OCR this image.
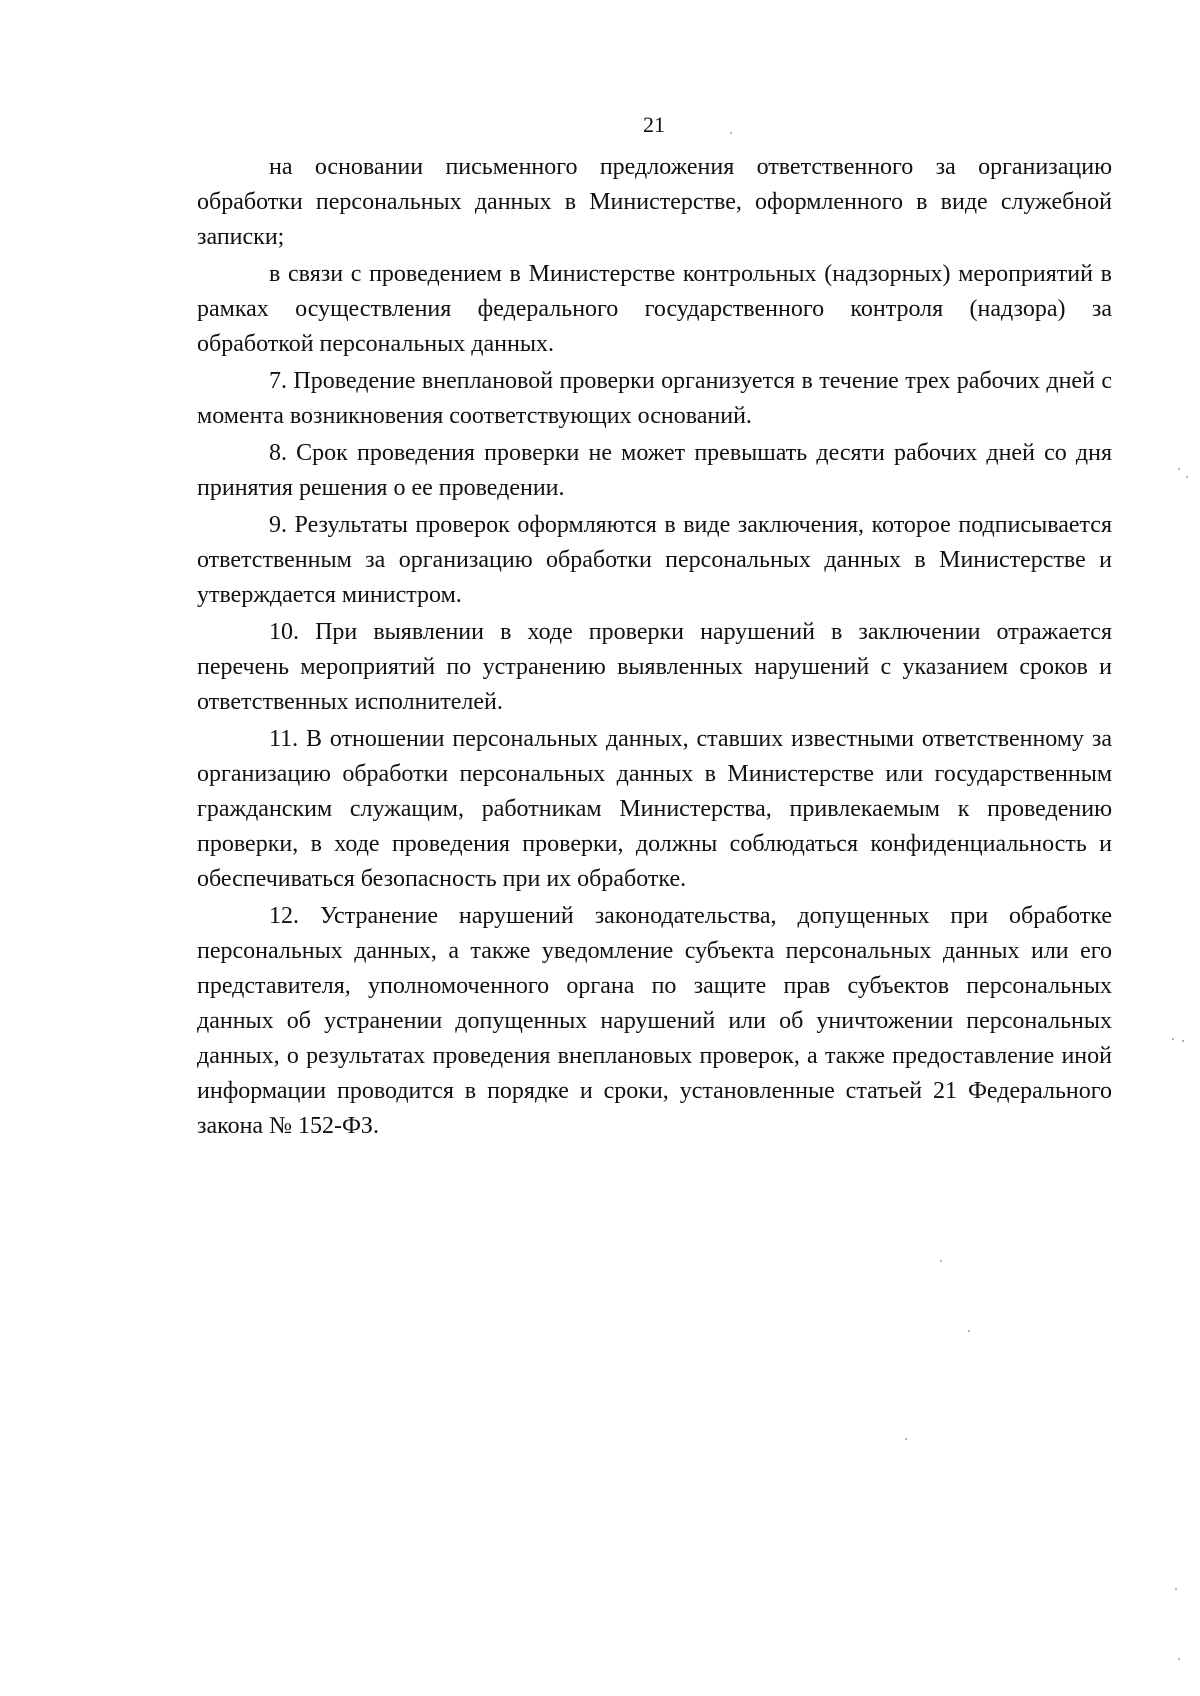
21

на основании письменного предложения ответственного за организацию обработки персональных данных в Министерстве, оформленного в виде служебной записки;

в связи с проведением в Министерстве контрольных (надзорных) мероприятий в рамках осуществления федерального государственного контроля (надзора) за обработкой персональных данных.

7. Проведение внеплановой проверки организуется в течение трех рабочих дней с момента возникновения соответствующих оснований.

8. Срок проведения проверки не может превышать десяти рабочих дней со дня принятия решения о ее проведении.

9. Результаты проверок оформляются в виде заключения, которое подписывается ответственным за организацию обработки персональных данных в Министерстве и утверждается министром.

10. При выявлении в ходе проверки нарушений в заключении отражается перечень мероприятий по устранению выявленных нарушений с указанием сроков и ответственных исполнителей.

11. В отношении персональных данных, ставших известными ответственному за организацию обработки персональных данных в Министерстве или государственным гражданским служащим, работникам Министерства, привлекаемым к проведению проверки, в ходе проведения проверки, должны соблюдаться конфиденциальность и обеспечиваться безопасность при их обработке.

12. Устранение нарушений законодательства, допущенных при обработке персональных данных, а также уведомление субъекта персональных данных или его представителя, уполномоченного органа по защите прав субъектов персональных данных об устранении допущенных нарушений или об уничтожении персональных данных, о результатах проведения внеплановых проверок, а также предоставление иной информации проводится в порядке и сроки, установленные статьей 21 Федерального закона № 152-ФЗ.
